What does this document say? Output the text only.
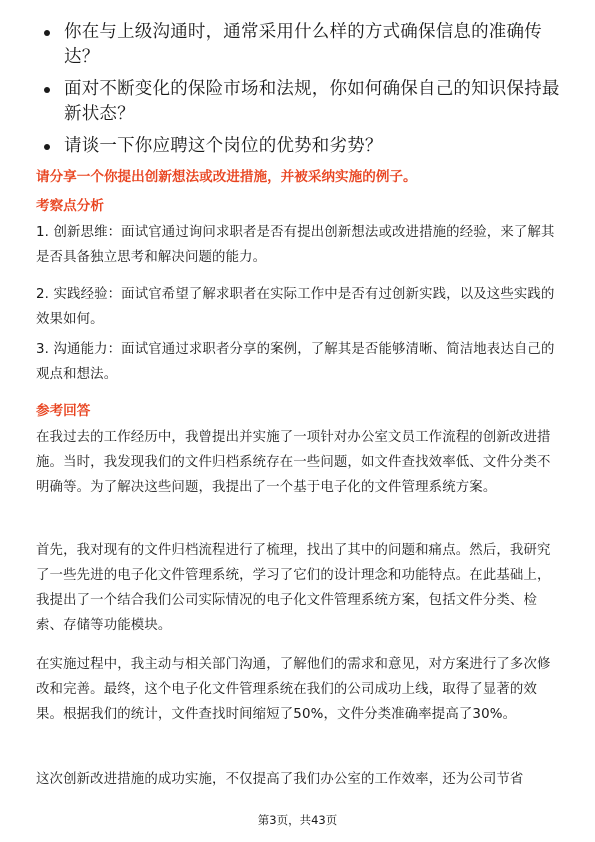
你在与上级沟通时，通常采用什么样的方式确保信息的准确传达？
面对不断变化的保险市场和法规，你如何确保自己的知识保持最新状态？
请谈一下你应聘这个岗位的优势和劣势？
请分享一个你提出创新想法或改进措施，并被采纳实施的例子。
考察点分析
1. 创新思维：面试官通过询问求职者是否有提出创新想法或改进措施的经验，来了解其是否具备独立思考和解决问题的能力。
2. 实践经验：面试官希望了解求职者在实际工作中是否有过创新实践，以及这些实践的效果如何。
3. 沟通能力：面试官通过求职者分享的案例，了解其是否能够清晰、简洁地表达自己的观点和想法。
参考回答
在我过去的工作经历中，我曾提出并实施了一项针对办公室文员工作流程的创新改进措施。当时，我发现我们的文件归档系统存在一些问题，如文件查找效率低、文件分类不明确等。为了解决这些问题，我提出了一个基于电子化的文件管理系统方案。
首先，我对现有的文件归档流程进行了梳理，找出了其中的问题和痛点。然后，我研究了一些先进的电子化文件管理系统，学习了它们的设计理念和功能特点。在此基础上，我提出了一个结合我们公司实际情况的电子化文件管理系统方案，包括文件分类、检索、存储等功能模块。
在实施过程中，我主动与相关部门沟通，了解他们的需求和意见，对方案进行了多次修改和完善。最终，这个电子化文件管理系统在我们的公司成功上线，取得了显著的效果。根据我们的统计，文件查找时间缩短了50%，文件分类准确率提高了30%。
这次创新改进措施的成功实施，不仅提高了我们办公室的工作效率，还为公司节省
第3页，共43页
